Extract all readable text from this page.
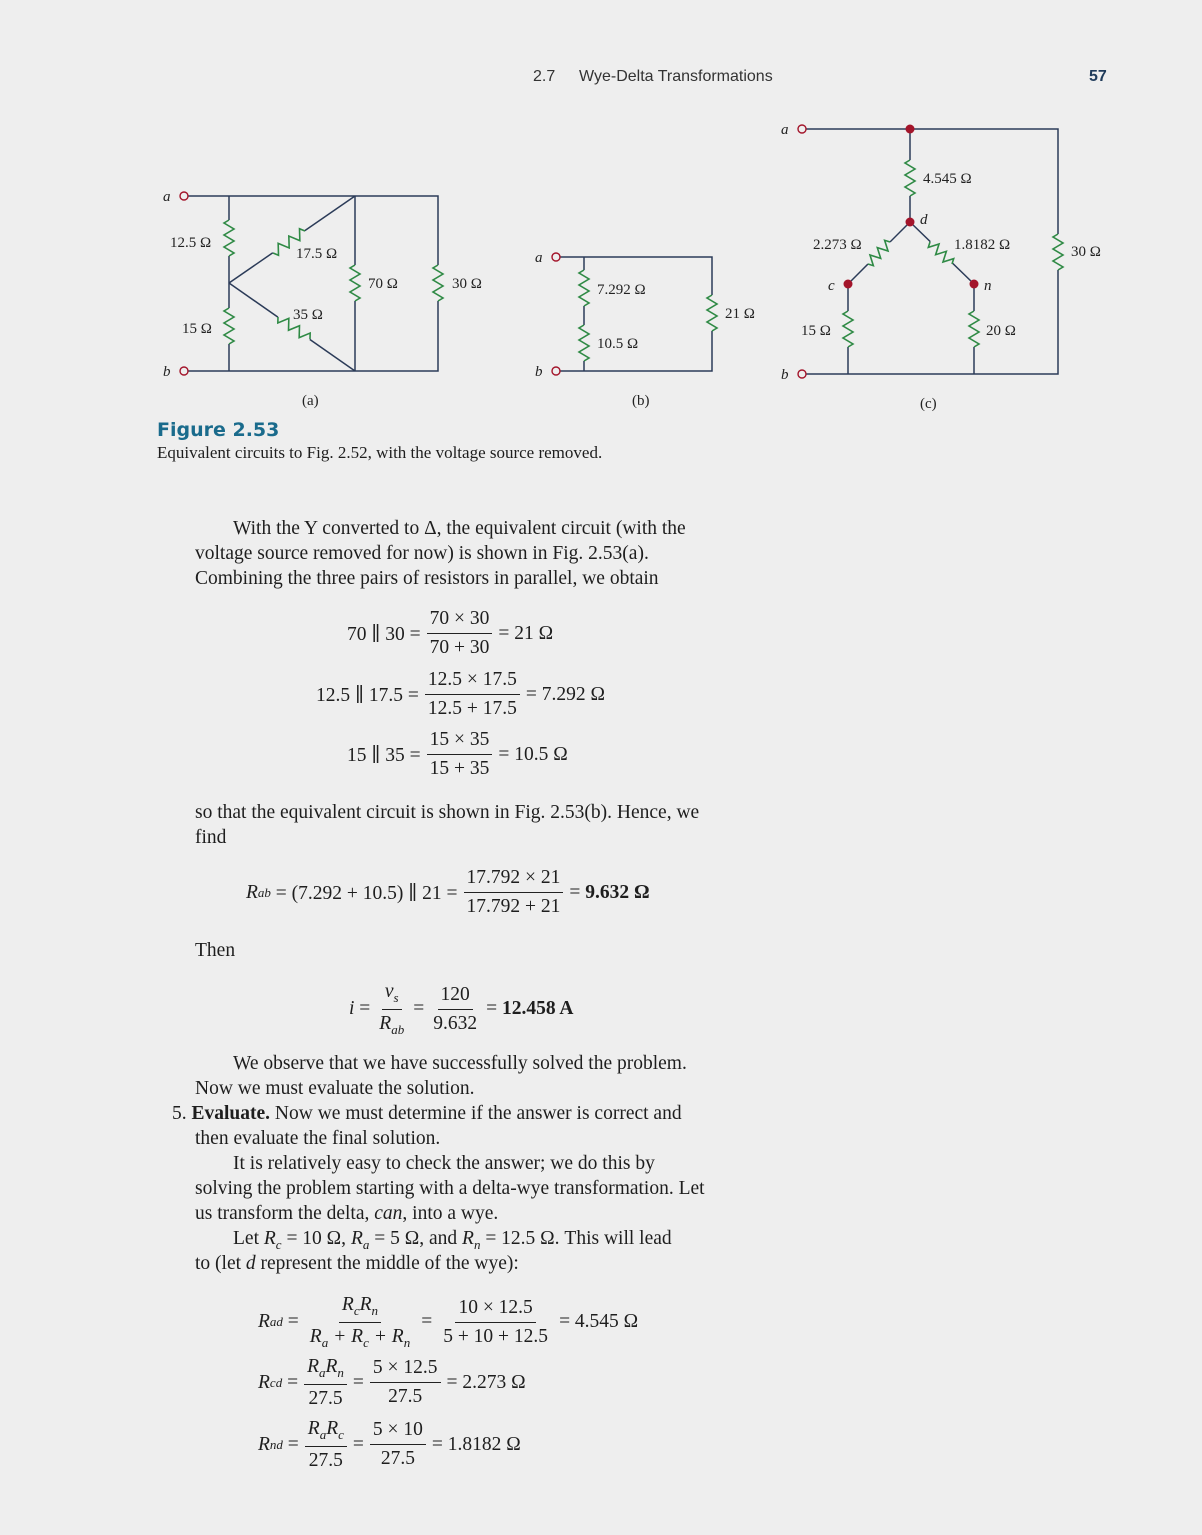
2.7 Wye-Delta Transformations	57
a
b
a
b
a
b
d
c	n
12.5 Ω
15 Ω
17.5 Ω
35 Ω
70 Ω	30 Ω
(a)
7.292 Ω
10.5 Ω
21 Ω
(b)
4.545 Ω
2.273 Ω	1.8182 Ω
15 Ω	20 Ω
30 Ω
(c)
Figure 2.53
Equivalent circuits to Fig. 2.52, with the voltage source removed.
With the Y converted to Δ, the equivalent circuit (with the
voltage source removed for now) is shown in Fig. 2.53(a).
Combining the three pairs of resistors in parallel, we obtain
70 ∥ $30 = \frac{70 \times 30}{70 + 30} = 21$ Ω
12.5 ∥ $17.5 = \frac{12.5 \times 17.5}{12.5 + 17.5} = 7.292$ Ω
15 ∥ $35 = \frac{15 \times 35}{15 + 35} = 10.5$ Ω
so that the equivalent circuit is shown in Fig. 2.53(b). Hence, we
find
R ab
= (7.292 + 10.5) ∥ $21 = \frac{17.792 \times 21}{17.792 + 21}$ =
9.632 Ω
Then
i
= $\frac{v_s}{R_{ab}} = \frac{120}{9.632}$ =
12.458 A
We observe that we have successfully solved the problem.
Now we must evaluate the solution.
5. Evaluate. Now we must determine if the answer is correct and
then evaluate the final solution.
It is relatively easy to check the answer; we do this by
solving the problem starting with a delta-wye transformation. Let
us transform the delta, can, into a wye.
Let $R_c = 10$ Ω, $R_a = 5$ Ω, and $R_n = 12.5$ Ω. This will lead
to (let d represent the middle of the wye):
R ad = $\frac{R_cR_n}{R_a + R_c + R_n} = \frac{10 \times 12.5}{5 + 10 + 12.5} = 4.545$ Ω
R cd = $\frac{R_aR_n}{27.5} = \frac{5 \times 12.5}{27.5} = 2.273$ Ω
R nd = $\frac{R_aR_c}{27.5} = \frac{5 \times 10}{27.5} = 1.8182$ Ω
